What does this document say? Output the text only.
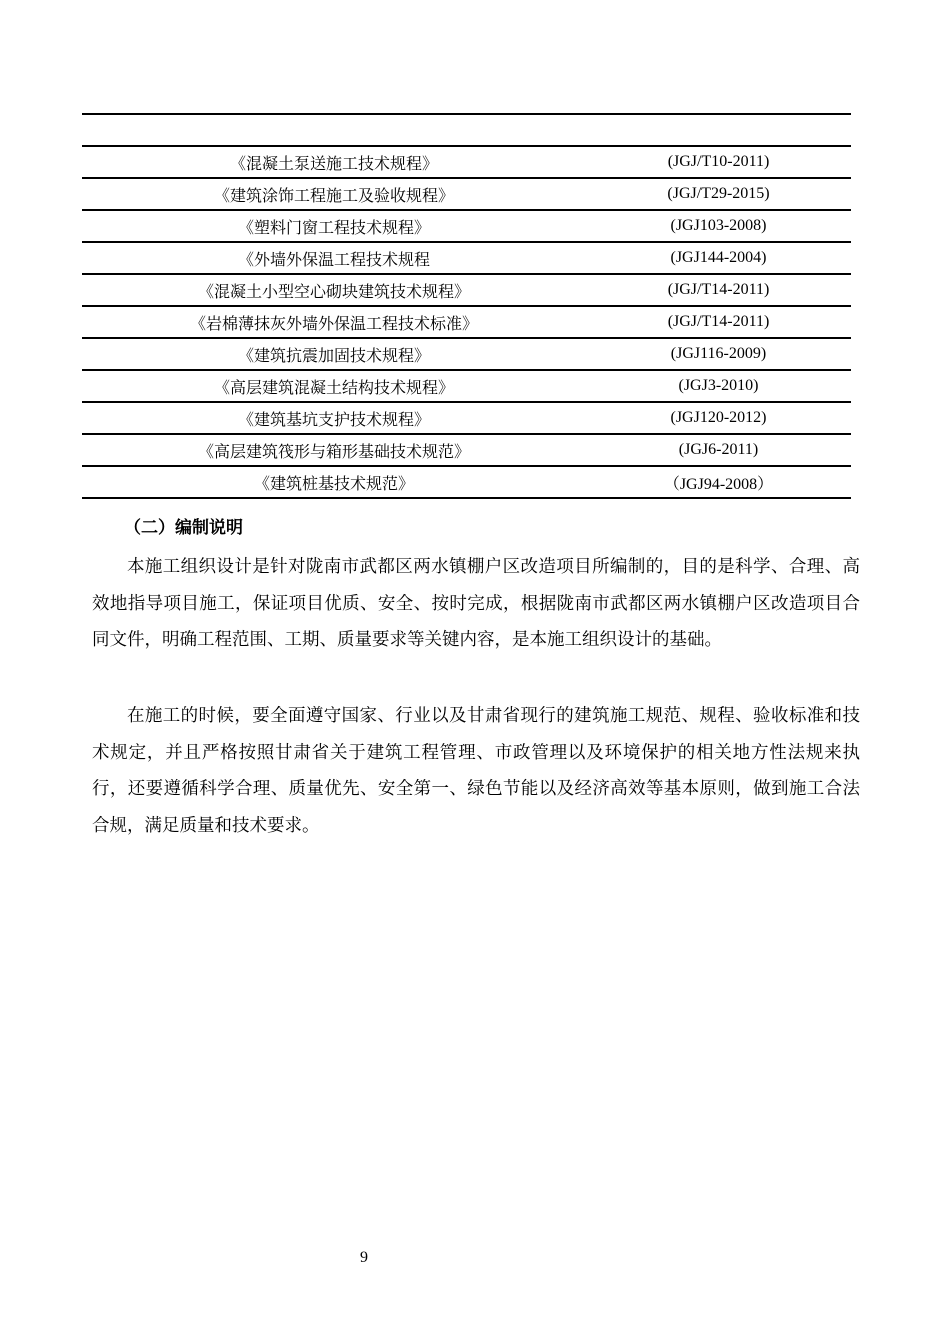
《混凝土泵送施工技术规程》	(JGJ/T10-2011)
《建筑涂饰工程施工及验收规程》	(JGJ/T29-2015)
《塑料门窗工程技术规程》	(JGJ103-2008)
《外墙外保温工程技术规程	(JGJ144-2004)
《混凝土小型空心砌块建筑技术规程》	(JGJ/T14-2011)
《岩棉薄抹灰外墙外保温工程技术标准》	(JGJ/T14-2011)
《建筑抗震加固技术规程》	(JGJ116-2009)
《高层建筑混凝土结构技术规程》	(JGJ3-2010)
《建筑基坑支护技术规程》	(JGJ120-2012)
《高层建筑筏形与箱形基础技术规范》	(JGJ6-2011)
《建筑桩基技术规范》	（JGJ94-2008）
（二）编制说明

本施工组织设计是针对陇南市武都区两水镇棚户区改造项目所编制的，目的是科学、合理、高效地指导项目施工，保证项目优质、安全、按时完成，根据陇南市武都区两水镇棚户区改造项目合同文件，明确工程范围、工期、质量要求等关键内容，是本施工组织设计的基础。

在施工的时候，要全面遵守国家、行业以及甘肃省现行的建筑施工规范、规程、验收标准和技术规定，并且严格按照甘肃省关于建筑工程管理、市政管理以及环境保护的相关地方性法规来执行，还要遵循科学合理、质量优先、安全第一、绿色节能以及经济高效等基本原则，做到施工合法合规，满足质量和技术要求。

9
